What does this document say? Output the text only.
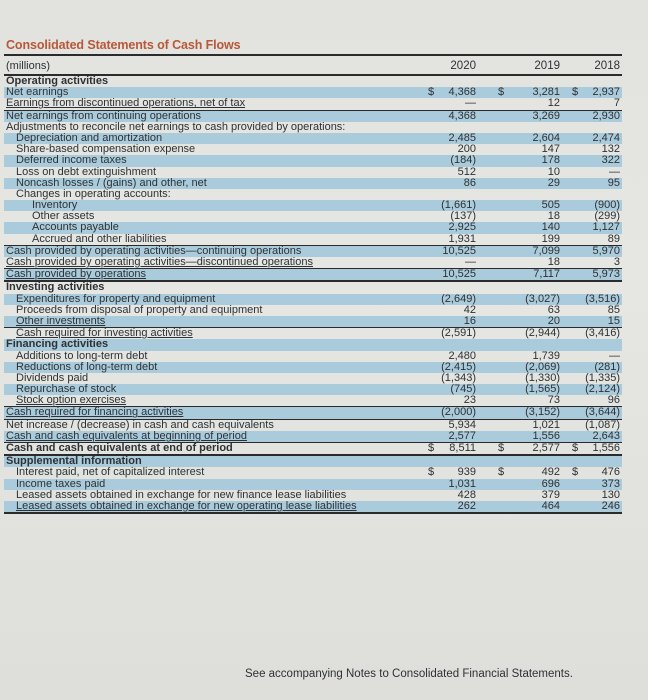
Consolidated Statements of Cash Flows
(millions)	2020	2019	2018
Operating activities
Net earnings	4,368	3,281	2,937
$	$	$
Earnings from discontinued operations, net of tax	—	12	7
Net earnings from continuing operations	4,368	3,269	2,930
Adjustments to reconcile net earnings to cash provided by operations:
Depreciation and amortization	2,485	2,604	2,474
Share-based compensation expense	200	147	132
Deferred income taxes	(184)	178	322
Loss on debt extinguishment	512	10	—
Noncash losses / (gains) and other, net	86	29	95
Changes in operating accounts:
Inventory	(1,661)	505	(900)
Other assets	(137)	18	(299)
Accounts payable	2,925	140	1,127
Accrued and other liabilities	1,931	199	89
Cash provided by operating activities—continuing operations	10,525	7,099	5,970
Cash provided by operating activities—discontinued operations	—	18	3
Cash provided by operations	10,525	7,117	5,973
Investing activities
Expenditures for property and equipment	(2,649)	(3,027)	(3,516)
Proceeds from disposal of property and equipment	42	63	85
Other investments	16	20	15
Cash required for investing activities	(2,591)	(2,944)	(3,416)
Financing activities
Additions to long-term debt	2,480	1,739	—
Reductions of long-term debt	(2,415)	(2,069)	(281)
Dividends paid	(1,343)	(1,330)	(1,335)
Repurchase of stock	(745)	(1,565)	(2,124)
Stock option exercises	23	73	96
Cash required for financing activities	(2,000)	(3,152)	(3,644)
Net increase / (decrease) in cash and cash equivalents	5,934	1,021	(1,087)
Cash and cash equivalents at beginning of period	2,577	1,556	2,643
Cash and cash equivalents at end of period	8,511	2,577	1,556
$	$	$
Supplemental information
Interest paid, net of capitalized interest	939	492	476
$	$	$
Income taxes paid	1,031	696	373
Leased assets obtained in exchange for new finance lease liabilities	428	379	130
Leased assets obtained in exchange for new operating lease liabilities	262	464	246
See accompanying Notes to Consolidated Financial Statements.
